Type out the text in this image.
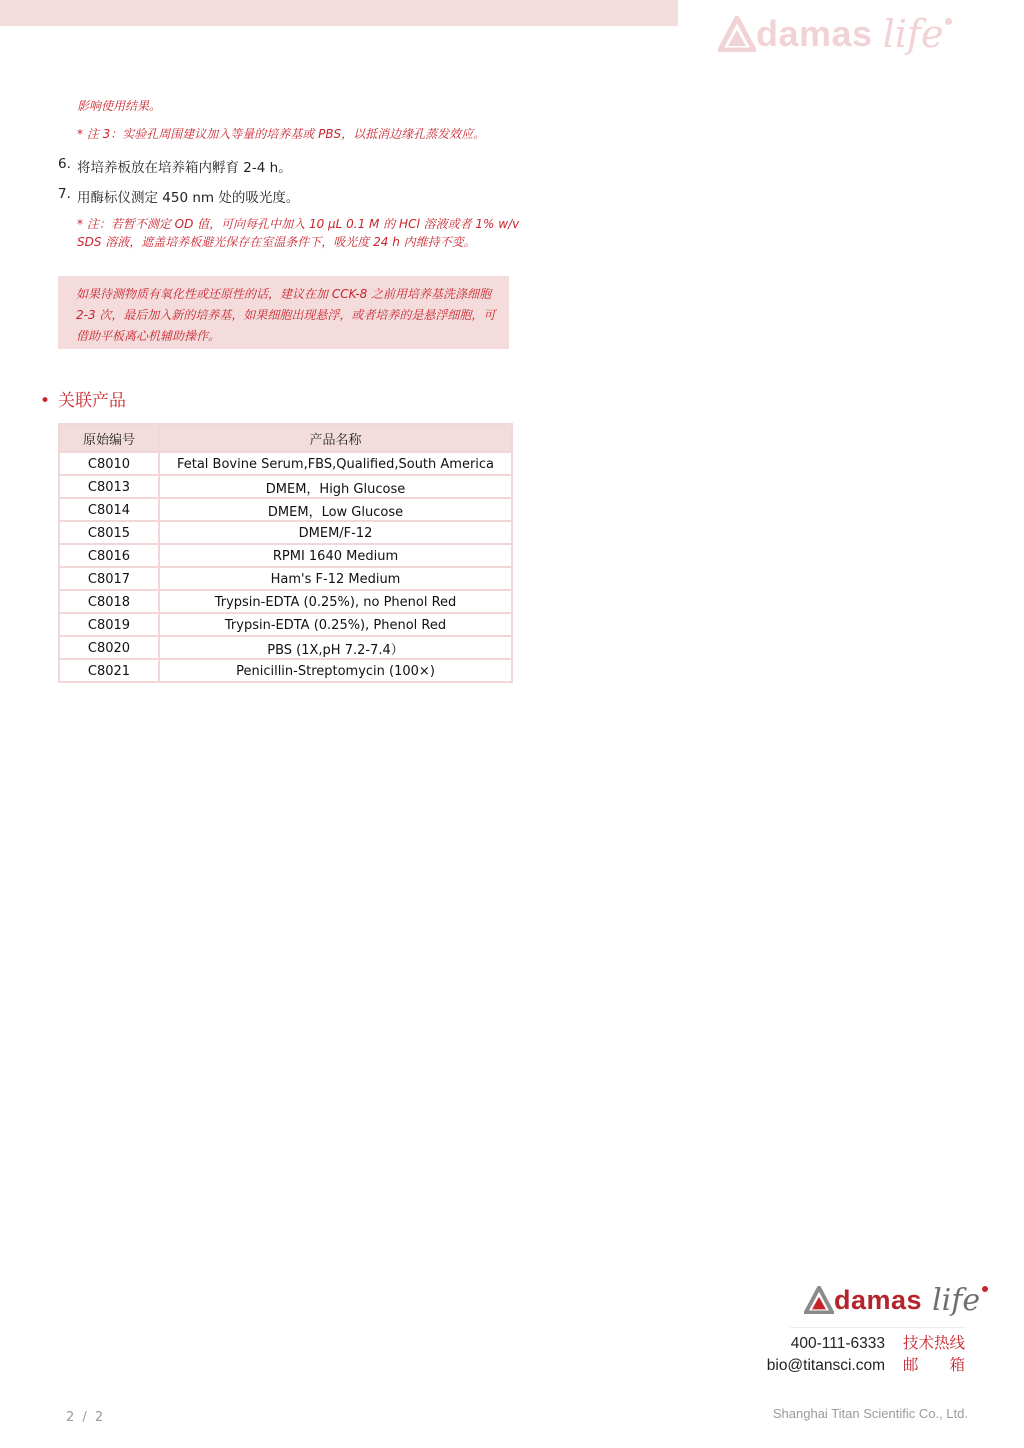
damas life
影响使用结果。
* 注 3：实验孔周围建议加入等量的培养基或 PBS，以抵消边缘孔蒸发效应。
6. 将培养板放在培养箱内孵育 2-4 h。
7. 用酶标仪测定 450 nm 处的吸光度。
* 注：若暂不测定 OD 值，可向每孔中加入 10 μL 0.1 M 的 HCl 溶液或者 1% w/v
SDS 溶液，遮盖培养板避光保存在室温条件下，吸光度 24 h 内维持不变。
如果待测物质有氧化性或还原性的话，建议在加 CCK-8 之前用培养基洗涤细胞
2-3 次，最后加入新的培养基，如果细胞出现悬浮，或者培养的是悬浮细胞，可
借助平板离心机辅助操作。
• 关联产品
原始编号	产品名称
C8010	Fetal Bovine Serum,FBS,Qualified,South America
C8013	DMEM，High Glucose
C8014	DMEM，Low Glucose
C8015	DMEM/F-12
C8016	RPMI 1640 Medium
C8017	Ham's F-12 Medium
C8018	Trypsin-EDTA (0.25%), no Phenol Red
C8019	Trypsin-EDTA (0.25%), Phenol Red
C8020	PBS (1X,pH 7.2-7.4）
C8021	Penicillin-Streptomycin (100×)
damas life
400-111-6333 技术热线
bio@titansci.com 邮 箱
2 / 2	Shanghai Titan Scientific Co., Ltd.
